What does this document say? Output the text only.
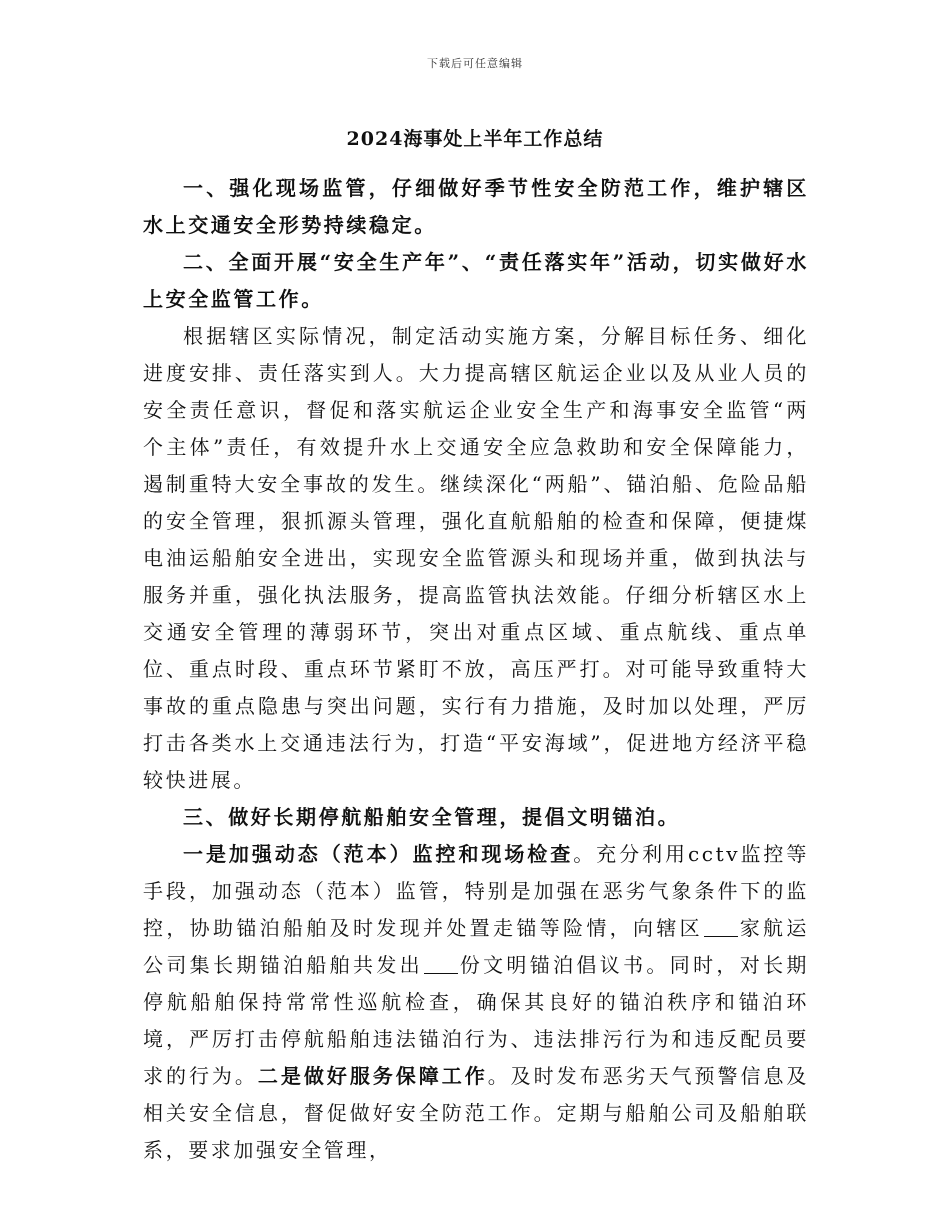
下载后可任意编辑
2024海事处上半年工作总结

一、强化现场监管，仔细做好季节性安全防范工作，维护辖区水上交通安全形势持续稳定。

二、全面开展“安全生产年”、“责任落实年”活动，切实做好水上安全监管工作。

根据辖区实际情况，制定活动实施方案，分解目标任务、细化进度安排、责任落实到人。大力提高辖区航运企业以及从业人员的安全责任意识，督促和落实航运企业安全生产和海事安全监管“两个主体”责任，有效提升水上交通安全应急救助和安全保障能力，遏制重特大安全事故的发生。继续深化“两船”、锚泊船、危险品船的安全管理，狠抓源头管理，强化直航船舶的检查和保障，便捷煤电油运船舶安全进出，实现安全监管源头和现场并重，做到执法与服务并重，强化执法服务，提高监管执法效能。仔细分析辖区水上交通安全管理的薄弱环节，突出对重点区域、重点航线、重点单位、重点时段、重点环节紧盯不放，高压严打。对可能导致重特大事故的重点隐患与突出问题，实行有力措施，及时加以处理，严厉打击各类水上交通违法行为，打造“平安海域”，促进地方经济平稳较快进展。

三、做好长期停航船舶安全管理，提倡文明锚泊。

一是加强动态（范本）监控和现场检查。充分利用cctv监控等手段，加强动态（范本）监管，特别是加强在恶劣气象条件下的监控，协助锚泊船舶及时发现并处置走锚等险情，向辖区 家航运公司集长期锚泊船舶共发出 份文明锚泊倡议书。同时，对长期停航船舶保持常常性巡航检查，确保其良好的锚泊秩序和锚泊环境，严厉打击停航船舶违法锚泊行为、违法排污行为和违反配员要求的行为。二是做好服务保障工作。及时发布恶劣天气预警信息及相关安全信息，督促做好安全防范工作。定期与船舶公司及船舶联系，要求加强安全管理，
